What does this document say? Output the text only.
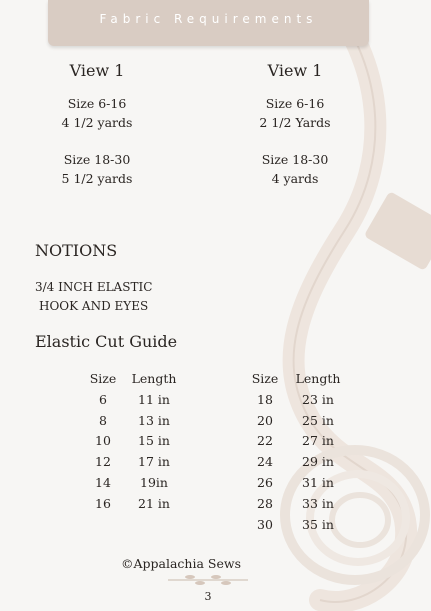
Fabric Requirements
View 1
Size 6-16
4 1/2 yards
Size 18-30
5 1/2 yards
View 1
Size 6-16
2 1/2 Yards
Size 18-30
4 yards
NOTIONS
3/4 INCH ELASTIC
HOOK AND EYES
Elastic Cut Guide
Size
6
8
10
12
14
16
Length
11 in
13 in
15 in
17 in
19in
21 in
Size
18
20
22
24
26
28
30
Length
23 in
25 in
27 in
29 in
31 in
33 in
35 in
©Appalachia Sews
3
